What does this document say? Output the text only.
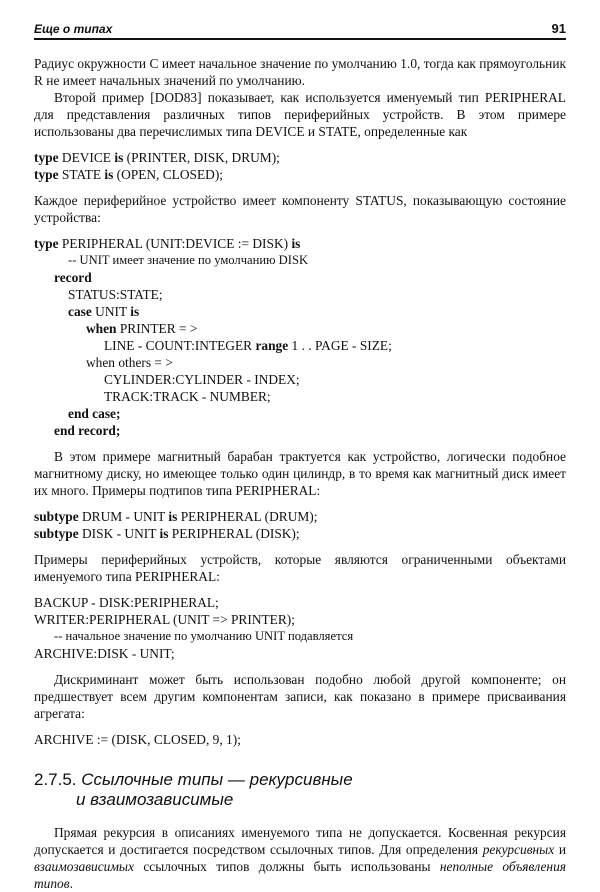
Еще о типах	91

Радиус окружности C имеет начальное значение по умолчанию 1.0, тогда как прямоугольник R не имеет начальных значений по умолчанию.

Второй пример [DOD83] показывает, как используется именуемый тип PERIPHERAL для представления различных типов периферийных устройств. В этом примере использованы два перечислимых типа DEVICE и STATE, определенные как

type DEVICE is (PRINTER, DISK, DRUM);
type STATE is (OPEN, CLOSED);

Каждое периферийное устройство имеет компоненту STATUS, показывающую состояние устройства:

type PERIPHERAL (UNIT:DEVICE := DISK) is
-- UNIT имеет значение по умолчанию DISK
record
STATUS:STATE;
case UNIT is
when PRINTER = >
LINE - COUNT:INTEGER range 1 . . PAGE - SIZE;
when others = >
CYLINDER:CYLINDER - INDEX;
TRACK:TRACK - NUMBER;
end case;
end record;

В этом примере магнитный барабан трактуется как устройство, логически подобное магнитному диску, но имеющее только один цилиндр, в то время как магнитный диск имеет их много. Примеры подтипов типа PERIPHERAL:

subtype DRUM - UNIT is PERIPHERAL (DRUM);
subtype DISK - UNIT is PERIPHERAL (DISK);

Примеры периферийных устройств, которые являются ограниченными объектами именуемого типа PERIPHERAL:

BACKUP - DISK:PERIPHERAL;
WRITER:PERIPHERAL (UNIT => PRINTER);
-- начальное значение по умолчанию UNIT подавляется
ARCHIVE:DISK - UNIT;

Дискриминант может быть использован подобно любой другой компоненте; он предшествует всем другим компонентам записи, как показано в примере присваивания агрегата:

ARCHIVE := (DISK, CLOSED, 9, 1);
2.7.5. Ссылочные типы — рекурсивные
и взаимозависимые

Прямая рекурсия в описаниях именуемого типа не допускается. Косвенная рекурсия допускается и достигается посредством ссылочных типов. Для определения рекурсивных и взаимозависимых ссылочных типов должны быть использованы неполные объявления типов.
